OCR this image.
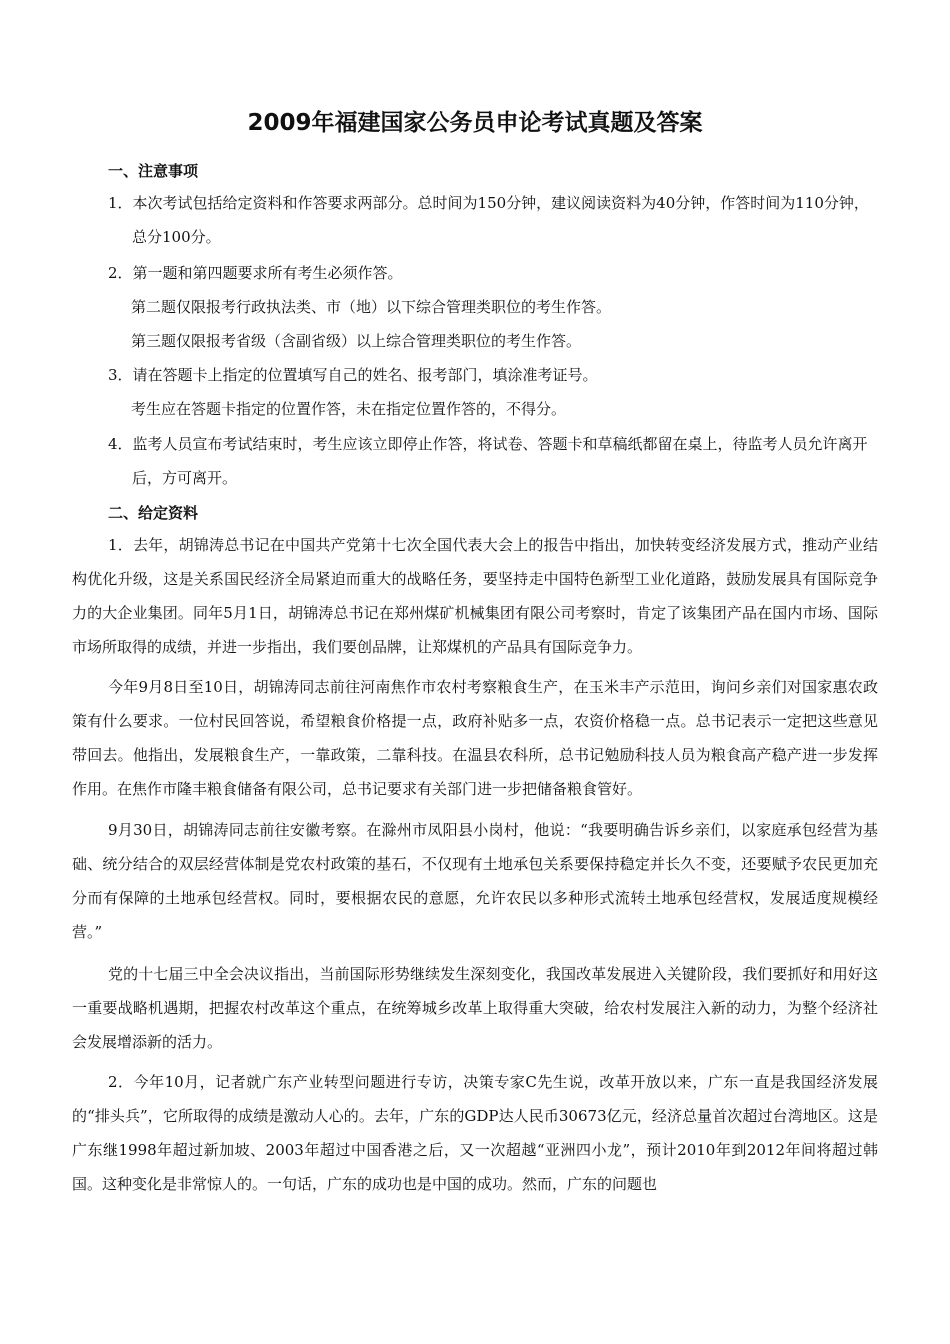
2009年福建国家公务员申论考试真题及答案
一、注意事项
1．本次考试包括给定资料和作答要求两部分。总时间为150分钟，建议阅读资料为40分钟，作答时间为110分钟，总分100分。
2．第一题和第四题要求所有考生必须作答。
第二题仅限报考行政执法类、市（地）以下综合管理类职位的考生作答。
第三题仅限报考省级（含副省级）以上综合管理类职位的考生作答。
3．请在答题卡上指定的位置填写自己的姓名、报考部门，填涂准考证号。
考生应在答题卡指定的位置作答，未在指定位置作答的，不得分。
4．监考人员宣布考试结束时，考生应该立即停止作答，将试卷、答题卡和草稿纸都留在桌上，待监考人员允许离开后，方可离开。
二、给定资料
1．去年，胡锦涛总书记在中国共产党第十七次全国代表大会上的报告中指出，加快转变经济发展方式，推动产业结构优化升级，这是关系国民经济全局紧迫而重大的战略任务，要坚持走中国特色新型工业化道路，鼓励发展具有国际竞争力的大企业集团。同年5月1日，胡锦涛总书记在郑州煤矿机械集团有限公司考察时，肯定了该集团产品在国内市场、国际市场所取得的成绩，并进一步指出，我们要创品牌，让郑煤机的产品具有国际竞争力。
今年9月8日至10日，胡锦涛同志前往河南焦作市农村考察粮食生产，在玉米丰产示范田，询问乡亲们对国家惠农政策有什么要求。一位村民回答说，希望粮食价格提一点，政府补贴多一点，农资价格稳一点。总书记表示一定把这些意见带回去。他指出，发展粮食生产，一靠政策，二靠科技。在温县农科所，总书记勉励科技人员为粮食高产稳产进一步发挥作用。在焦作市隆丰粮食储备有限公司，总书记要求有关部门进一步把储备粮食管好。
9月30日，胡锦涛同志前往安徽考察。在滁州市凤阳县小岗村，他说：“我要明确告诉乡亲们，以家庭承包经营为基础、统分结合的双层经营体制是党农村政策的基石，不仅现有土地承包关系要保持稳定并长久不变，还要赋予农民更加充分而有保障的土地承包经营权。同时，要根据农民的意愿，允许农民以多种形式流转土地承包经营权，发展适度规模经营。”
党的十七届三中全会决议指出，当前国际形势继续发生深刻变化，我国改革发展进入关键阶段，我们要抓好和用好这一重要战略机遇期，把握农村改革这个重点，在统筹城乡改革上取得重大突破，给农村发展注入新的动力，为整个经济社会发展增添新的活力。
2．今年10月，记者就广东产业转型问题进行专访，决策专家C先生说，改革开放以来，广东一直是我国经济发展的“排头兵”，它所取得的成绩是激动人心的。去年，广东的GDP达人民币30673亿元，经济总量首次超过台湾地区。这是广东继1998年超过新加坡、2003年超过中国香港之后，又一次超越“亚洲四小龙”，预计2010年到2012年间将超过韩国。这种变化是非常惊人的。一句话，广东的成功也是中国的成功。然而，广东的问题也
